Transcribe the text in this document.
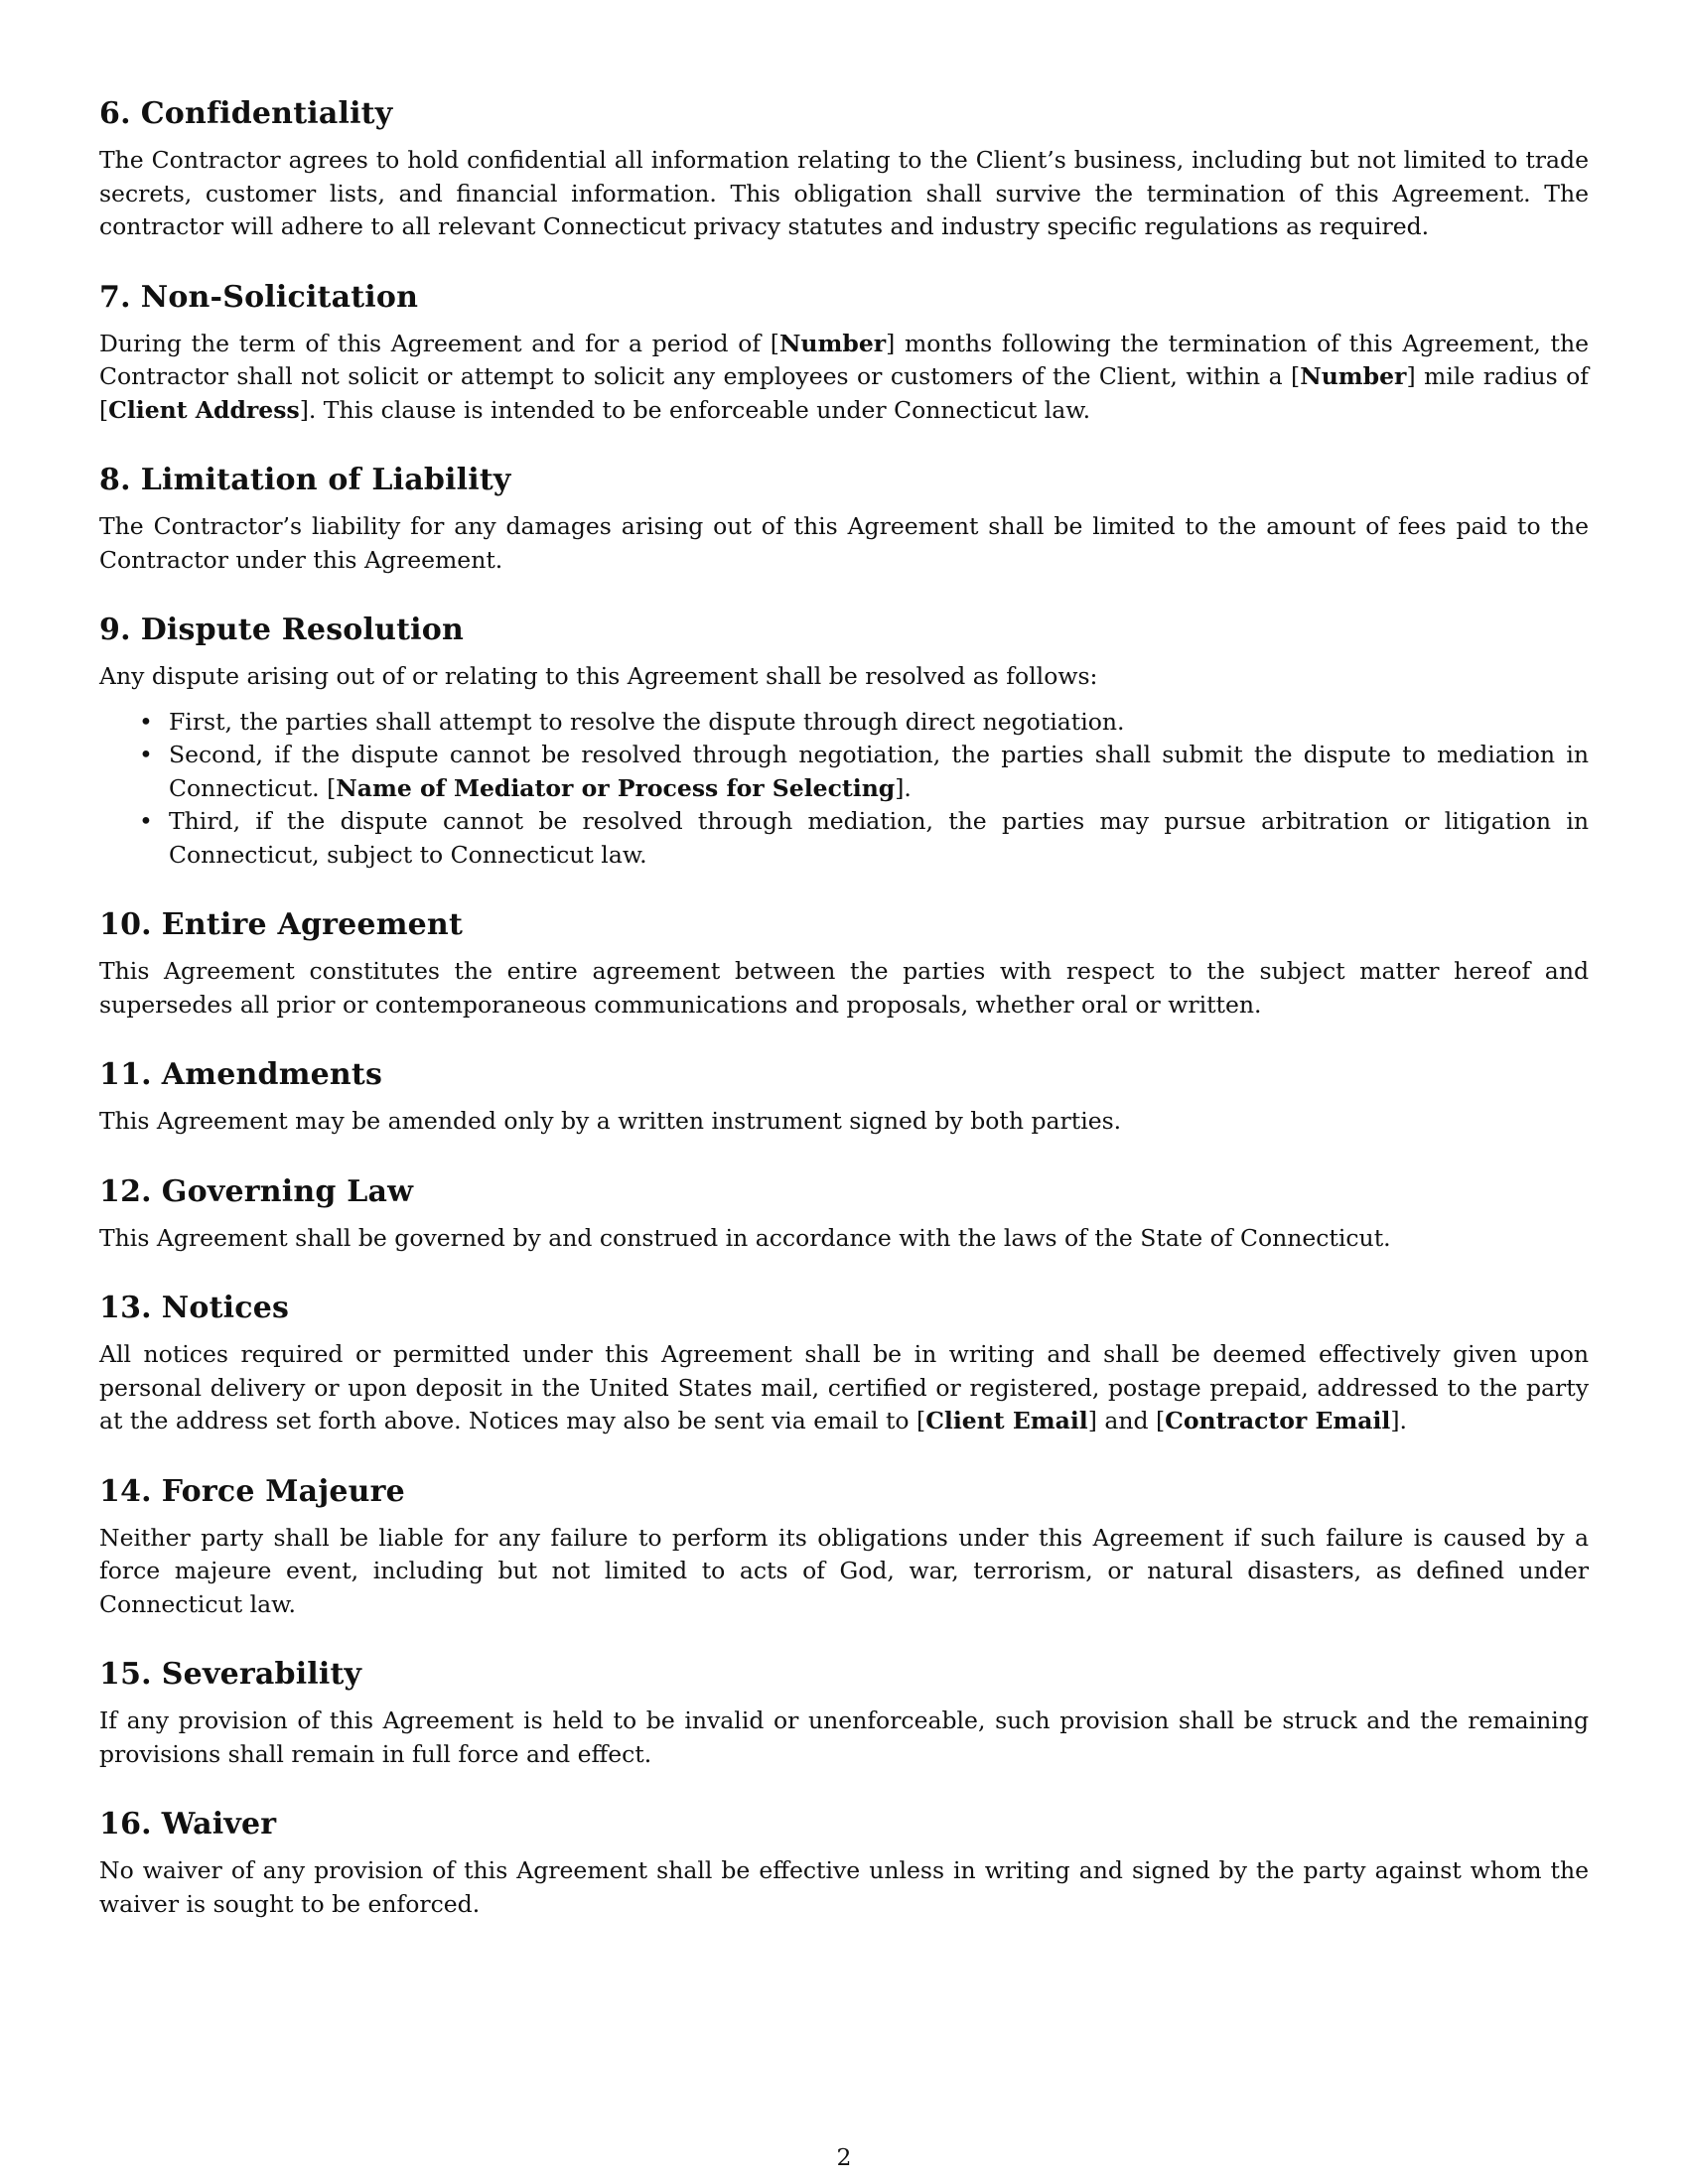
6. Confidentiality

The Contractor agrees to hold confidential all information relating to the Client’s business, including but not limited to trade secrets, customer lists, and financial information. This obligation shall survive the termination of this Agreement. The contractor will adhere to all relevant Connecticut privacy statutes and industry specific regulations as required.

7. Non-Solicitation

During the term of this Agreement and for a period of [Number] months following the termination of this Agreement, the Contractor shall not solicit or attempt to solicit any employees or customers of the Client, within a [Number] mile radius of [Client Address]. This clause is intended to be enforceable under Connecticut law.

8. Limitation of Liability

The Contractor’s liability for any damages arising out of this Agreement shall be limited to the amount of fees paid to the Contractor under this Agreement.

9. Dispute Resolution

Any dispute arising out of or relating to this Agreement shall be resolved as follows:

• First, the parties shall attempt to resolve the dispute through direct negotiation.
• Second, if the dispute cannot be resolved through negotiation, the parties shall submit the dispute to mediation in Connecticut. [Name of Mediator or Process for Selecting].
• Third, if the dispute cannot be resolved through mediation, the parties may pursue arbitration or litigation in Connecticut, subject to Connecticut law.
10. Entire Agreement

This Agreement constitutes the entire agreement between the parties with respect to the subject matter hereof and supersedes all prior or contemporaneous communications and proposals, whether oral or written.

11. Amendments

This Agreement may be amended only by a written instrument signed by both parties.

12. Governing Law

This Agreement shall be governed by and construed in accordance with the laws of the State of Connecticut.

13. Notices

All notices required or permitted under this Agreement shall be in writing and shall be deemed effectively given upon personal delivery or upon deposit in the United States mail, certified or registered, postage prepaid, addressed to the party at the address set forth above. Notices may also be sent via email to [Client Email] and [Contractor Email].

14. Force Majeure

Neither party shall be liable for any failure to perform its obligations under this Agreement if such failure is caused by a force majeure event, including but not limited to acts of God, war, terrorism, or natural disasters, as defined under Connecticut law.

15. Severability

If any provision of this Agreement is held to be invalid or unenforceable, such provision shall be struck and the remaining provisions shall remain in full force and effect.

16. Waiver

No waiver of any provision of this Agreement shall be effective unless in writing and signed by the party against whom the waiver is sought to be enforced.

2
